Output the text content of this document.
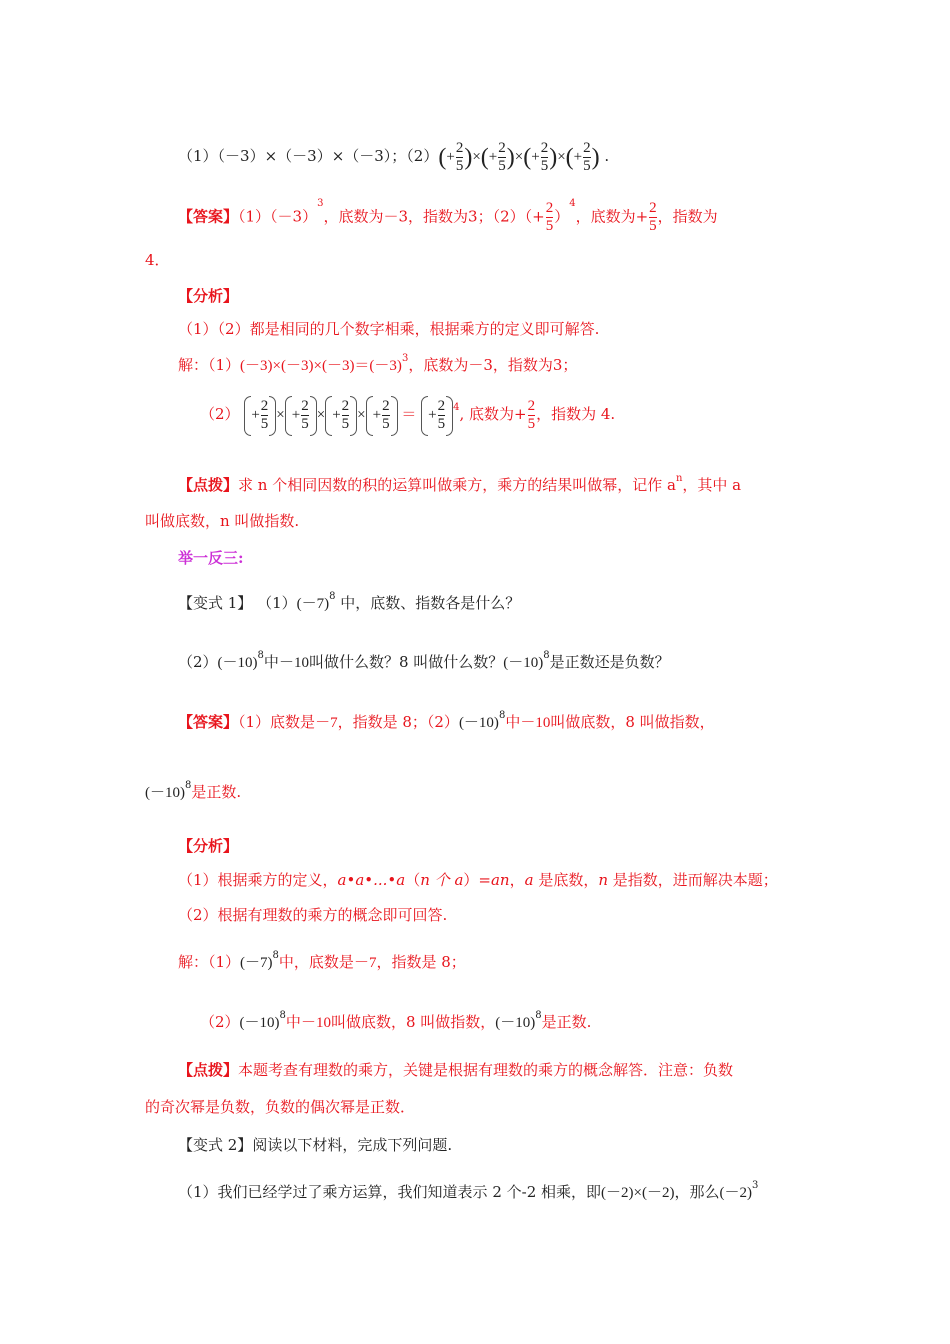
（1）（－3）×（－3）×（－3）；$(2)(+ \frac{2}{5}$ )×(+ $\frac{2}{5}$ )×(+ $\frac{2}{5}$ )×(+ $\frac{2}{5}$ ) .
【答案】$(1)(-3)^3$，底数为－3，指数为3；$(2)(+ \frac{2}{5} )^4$，底数为+ $\frac{2}{5}$ ，指数为
4．
【分析】
（1）（2）都是相同的几个数字相乘，根据乘方的定义即可解答.
解：$(1)(-3)\times(-3)\times(-3)=(-3)^3$，底数为－3，指数为3；
$(2) + \frac{2}{5}$ × + $\frac{2}{5}$ × + $\frac{2}{5}$ × + $\frac{2}{5}$ ＝ + $\frac{2}{5} ^4$, 底数为+ $\frac{2}{5}$ ，指数为 4.
【点拨】求 n 个相同因数的积的运算叫做乘方，乘方的结果叫做幂，记作 $a^n$，其中 a
叫做底数，n 叫做指数.
举一反三:
【变式 1】 $(1)(-7)^8$ 中，底数、指数各是什么？
$(2)(-10)^8$中－10叫做什么数？8 叫做什么数？$(-10)^8$是正数还是负数？
【答案】（1）底数是－7，指数是 8；$(2)(-10)^8$中－10叫做底数，8 叫做指数，
$(-10)^8$是正数.
【分析】
（1）根据乘方的定义，a•a•...•a（n 个 a）=an，a 是底数，n 是指数，进而解决本题；
（2）根据有理数的乘方的概念即可回答.
解：$(1)(-7)^8$中，底数是－7，指数是 8；
$(2)(-10)^8$中－10叫做底数，8 叫做指数，$(-10)^8$是正数.
【点拨】本题考查有理数的乘方，关键是根据有理数的乘方的概念解答．注意：负数
的奇次幂是负数，负数的偶次幂是正数．
【变式 2】阅读以下材料，完成下列问题.
（1）我们已经学过了乘方运算，我们知道表示 2 个-2 相乘，即(－2)×(－2)，那么$(-2)^3$
